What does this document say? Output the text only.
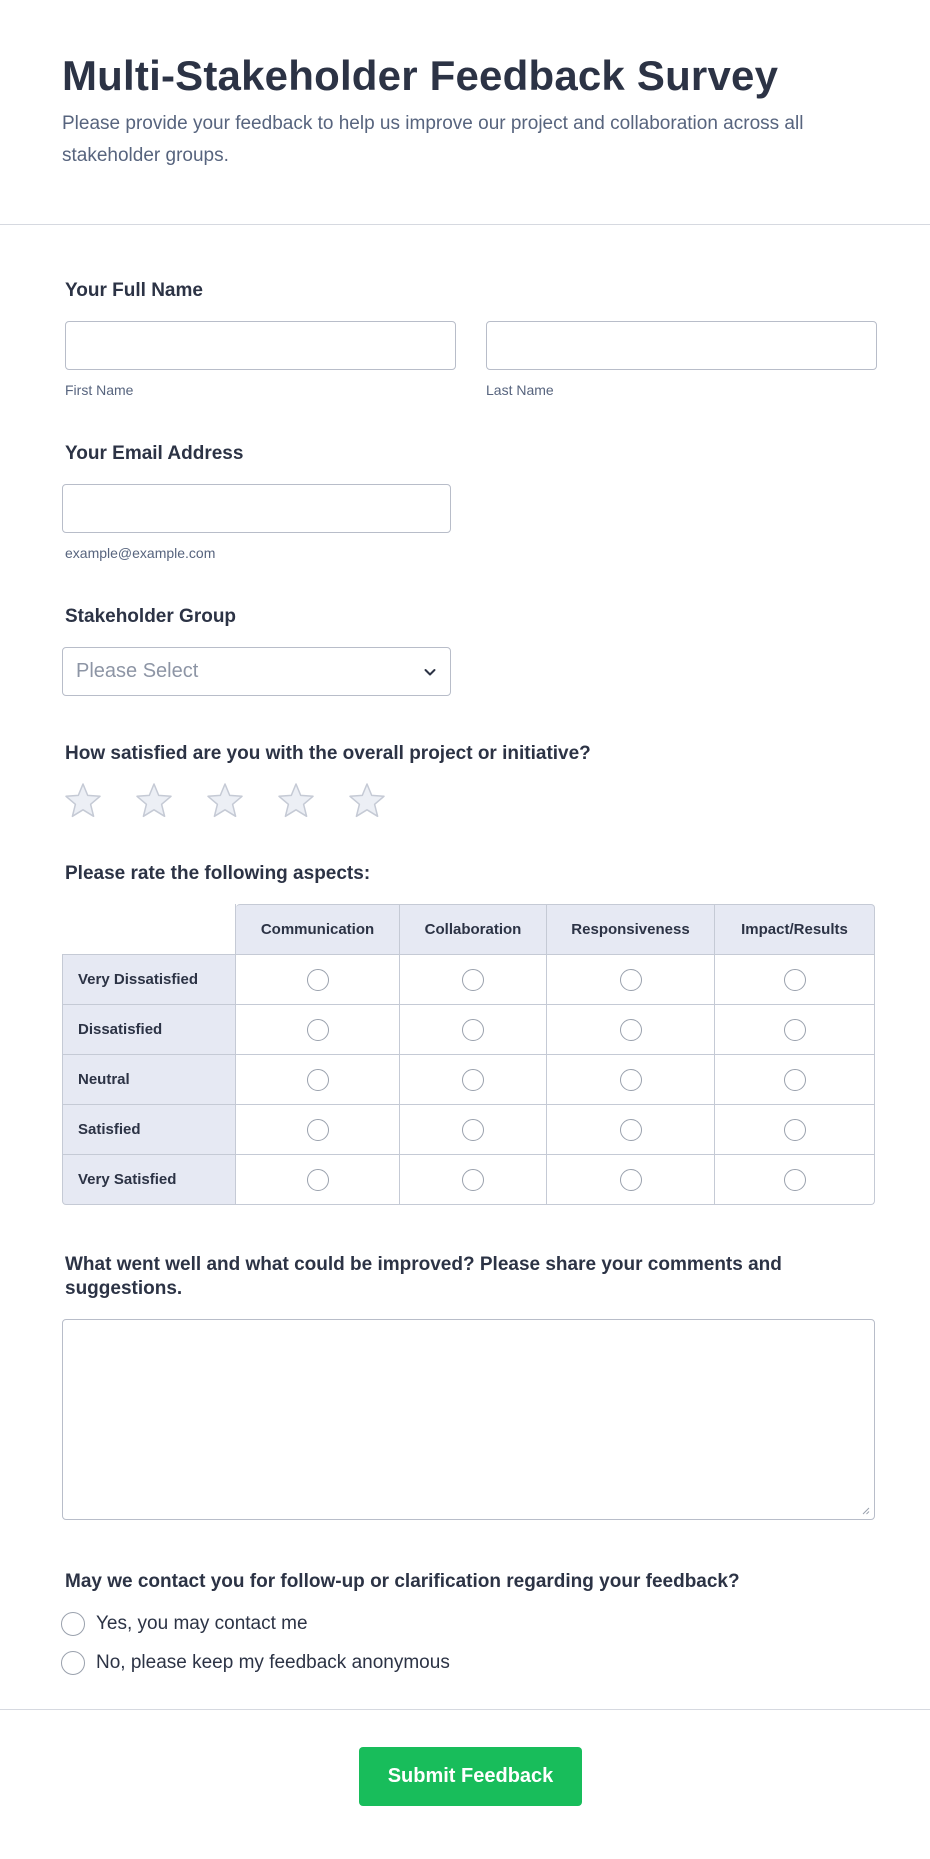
Multi-Stakeholder Feedback Survey

Please provide your feedback to help us improve our project and collaboration across all stakeholder groups.

Your Full Name
First Name	Last Name
Your Email Address
example@example.com
Stakeholder Group
Please Select
How satisfied are you with the overall project or initiative?
Please rate the following aspects:
	Communication	Collaboration	Responsiveness	Impact/Results
Very Dissatisfied				
Dissatisfied				
Neutral				
Satisfied				
Very Satisfied				
What went well and what could be improved? Please share your comments and suggestions.
May we contact you for follow-up or clarification regarding your feedback?
Yes, you may contact me
No, please keep my feedback anonymous
Submit Feedback
